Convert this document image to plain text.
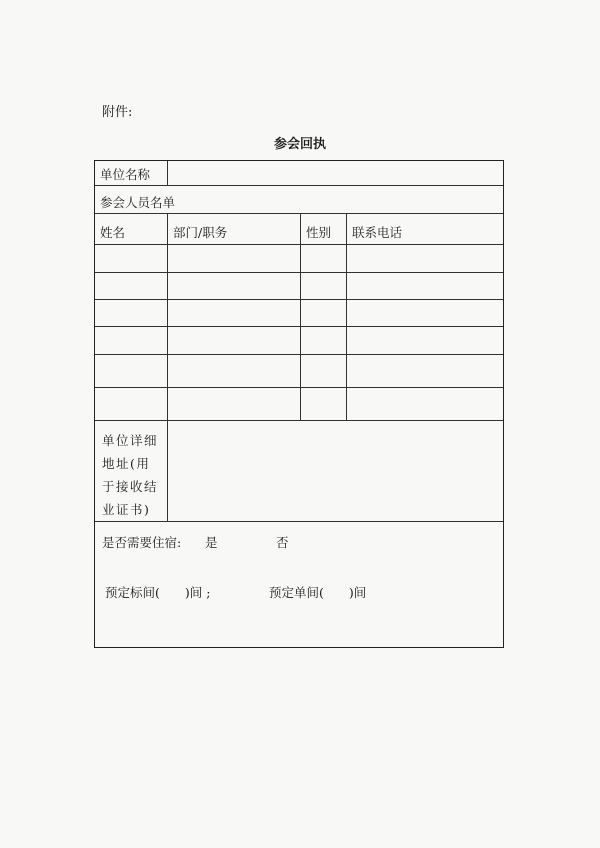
附件:
参会回执
单位名称
参会人员名单
姓名	部门/职务	性别 联系电话
单位详细地址(用于接收结业证书)
是否需要住宿: 是	否
预定标间(　　)间 ;	预定单间(　　)间
